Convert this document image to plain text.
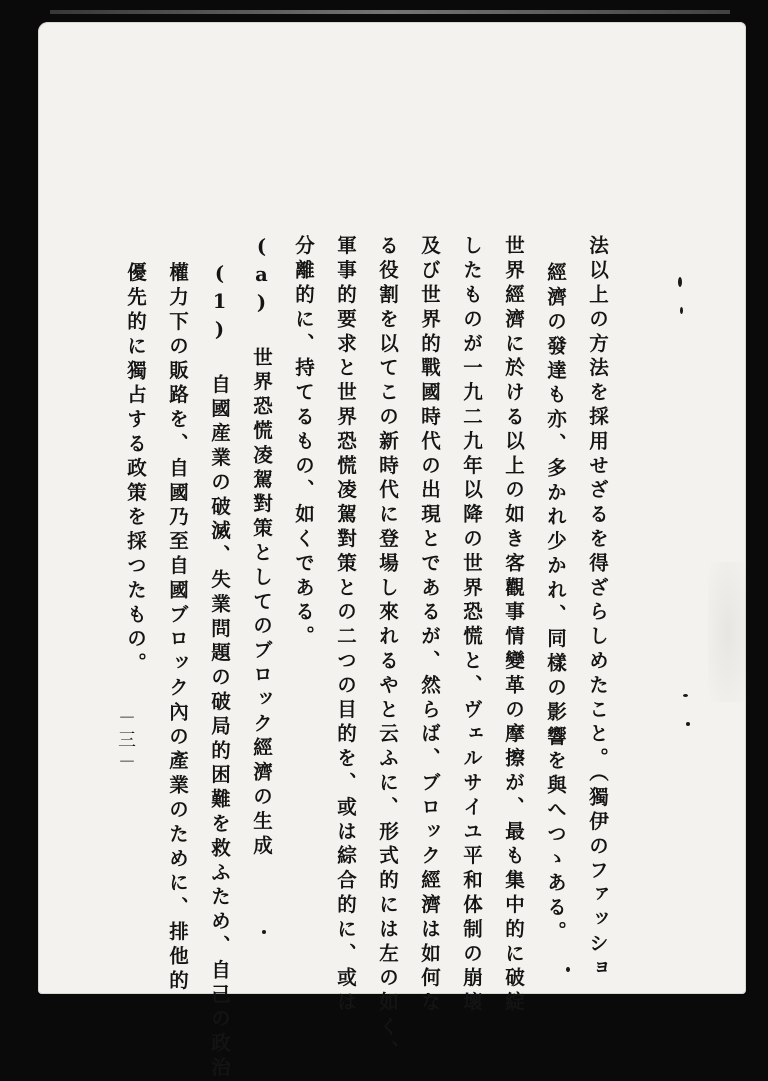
法以上の方法を採用せざるを得ざらしめたこと。（獨伊のファッショ
經濟の發達も亦、多かれ少かれ、同樣の影響を與へつゝある。
世界經濟に於ける以上の如き客觀事情變革の摩擦が、最も集中的に破綻
したものが一九二九年以降の世界恐慌と、ヴェルサイユ平和体制の崩壞
及び世界的戰國時代の出現とであるが、然らば、ブロック經濟は如何な
る役割を以てこの新時代に登場し來れるやと云ふに、形式的には左の如く、
軍事的要求と世界恐慌凌駕對策との二つの目的を、或は綜合的に、或は
分離的に、持てるもの、如くである。
(a) 世界恐慌凌駕對策としてのブロック經濟の生成
(1) 自國産業の破滅、失業問題の破局的困難を救ふため、自己の政治
權力下の販路を、自國乃至自國ブロック內の產業のために、排他的
優先的に獨占する政策を採つたもの。
－三－
